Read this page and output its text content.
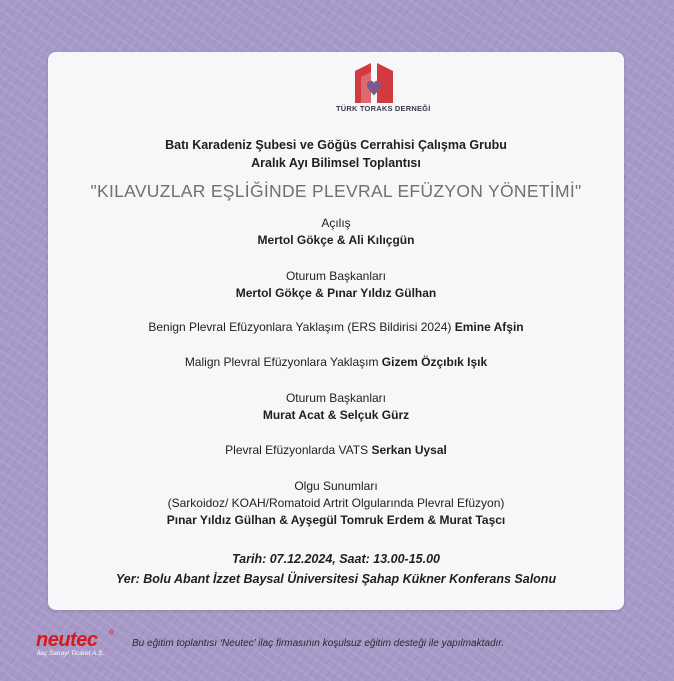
TÜRK TORAKS DERNEĞİ
Batı Karadeniz Şubesi ve Göğüs Cerrahisi Çalışma Grubu
Aralık Ayı Bilimsel Toplantısı
"KILAVUZLAR EŞLİĞİNDE PLEVRAL EFÜZYON YÖNETİMİ"
Açılış
Mertol Gökçe & Ali Kılıçgün
Oturum Başkanları
Mertol Gökçe & Pınar Yıldız Gülhan
Benign Plevral Efüzyonlara Yaklaşım (ERS Bildirisi 2024) Emine Afşin
Malign Plevral Efüzyonlara Yaklaşım Gizem Özçıbık Işık
Oturum Başkanları
Murat Acat & Selçuk Gürz
Plevral Efüzyonlarda VATS Serkan Uysal
Olgu Sunumları
(Sarkoidoz/ KOAH/Romatoid Artrit Olgularında Plevral Efüzyon)
Pınar Yıldız Gülhan & Ayşegül Tomruk Erdem & Murat Taşcı
Tarih: 07.12.2024, Saat: 13.00-15.00
Yer: Bolu Abant İzzet Baysal Üniversitesi Şahap Kükner Konferans Salonu
neutec	®
İlaç Sanayi Ticaret A.Ş.
Bu eğitim toplantısı ‘Neutec’ ilaç firmasının koşulsuz eğitim desteği ile yapılmaktadır.
